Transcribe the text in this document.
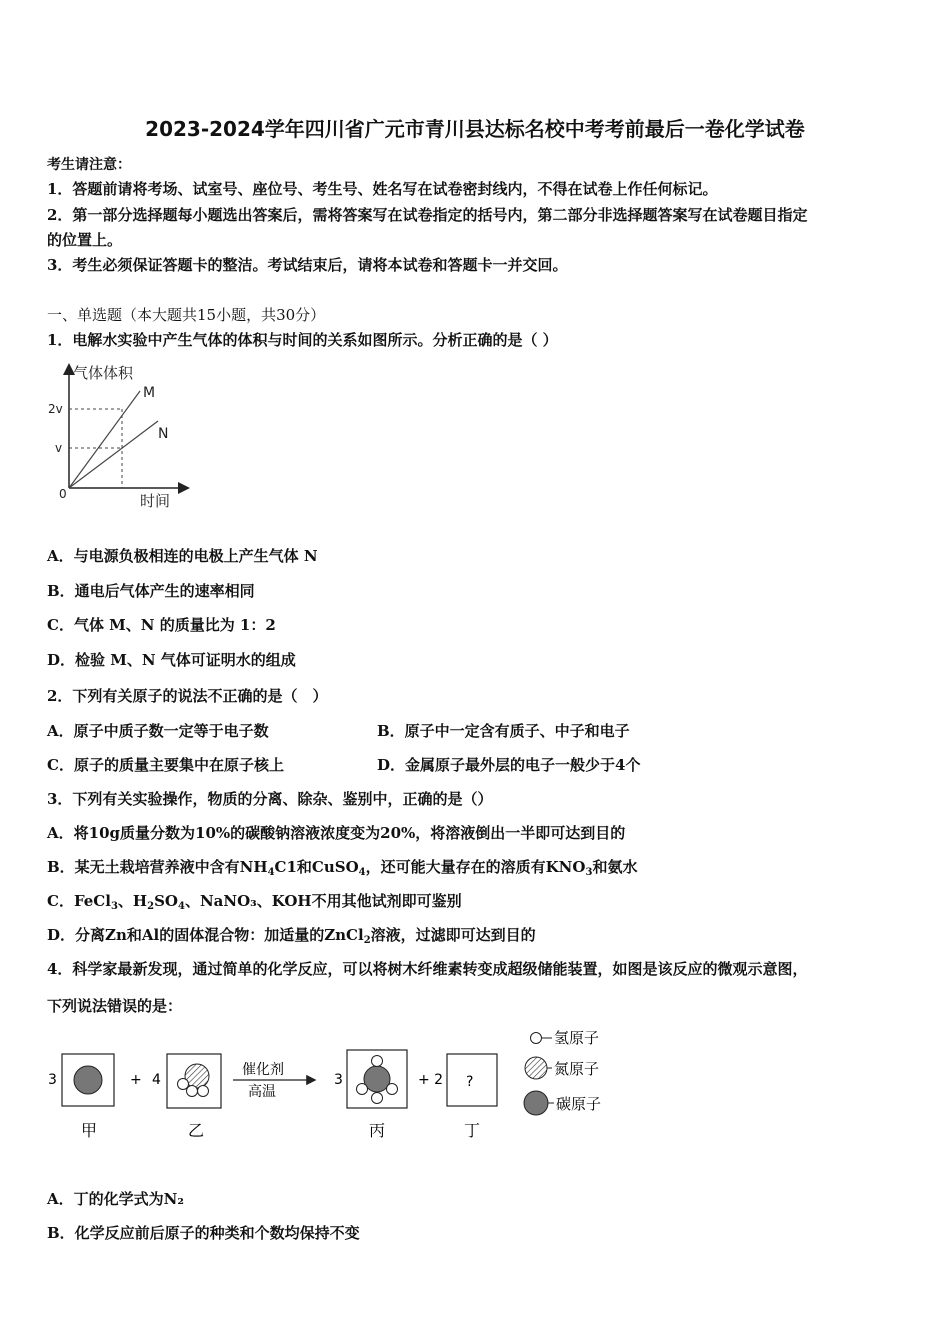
2023-2024学年四川省广元市青川县达标名校中考考前最后一卷化学试卷
考生请注意：
1．答题前请将考场、试室号、座位号、考生号、姓名写在试卷密封线内，不得在试卷上作任何标记。
2．第一部分选择题每小题选出答案后，需将答案写在试卷指定的括号内，第二部分非选择题答案写在试卷题目指定
的位置上。
3．考生必须保证答题卡的整洁。考试结束后，请将本试卷和答题卡一并交回。
一、单选题（本大题共15小题，共30分）
1．电解水实验中产生气体的体积与时间的关系如图所示。分析正确的是（ ）
气体体积
时间
0
2v
v
M
N
A．与电源负极相连的电极上产生气体 N
B．通电后气体产生的速率相同
C．气体 M、N 的质量比为 1：2
D．检验 M、N 气体可证明水的组成
2．下列有关原子的说法不正确的是（　）
A．原子中质子数一定等于电子数	B．原子中一定含有质子、中子和电子
C．原子的质量主要集中在原子核上	D．金属原子最外层的电子一般少于4个
3．下列有关实验操作，物质的分离、除杂、鉴别中，正确的是（）
A．将10g质量分数为10%的碳酸钠溶液浓度变为20%，将溶液倒出一半即可达到目的
B．某无土栽培营养液中含有$NH_4C1$和CuSO$_4$，还可能大量存在的溶质有$KNO_3$和氨水
C．FeCl$_3$、$H_2SO_4$、NaNO₃、KOH不用其他试剂即可鉴别
D．分离Zn和Al的固体混合物：加适量的ZnCl$_2$溶液，过滤即可达到目的
4．科学家最新发现，通过简单的化学反应，可以将树木纤维素转变成超级储能装置，如图是该反应的微观示意图，
下列说法错误的是：
3
甲
+ 4
乙
催化剂
高温
3
丙
+ 2 ?
丁
氢原子
氮原子
碳原子
A．丁的化学式为N₂
B．化学反应前后原子的种类和个数均保持不变
